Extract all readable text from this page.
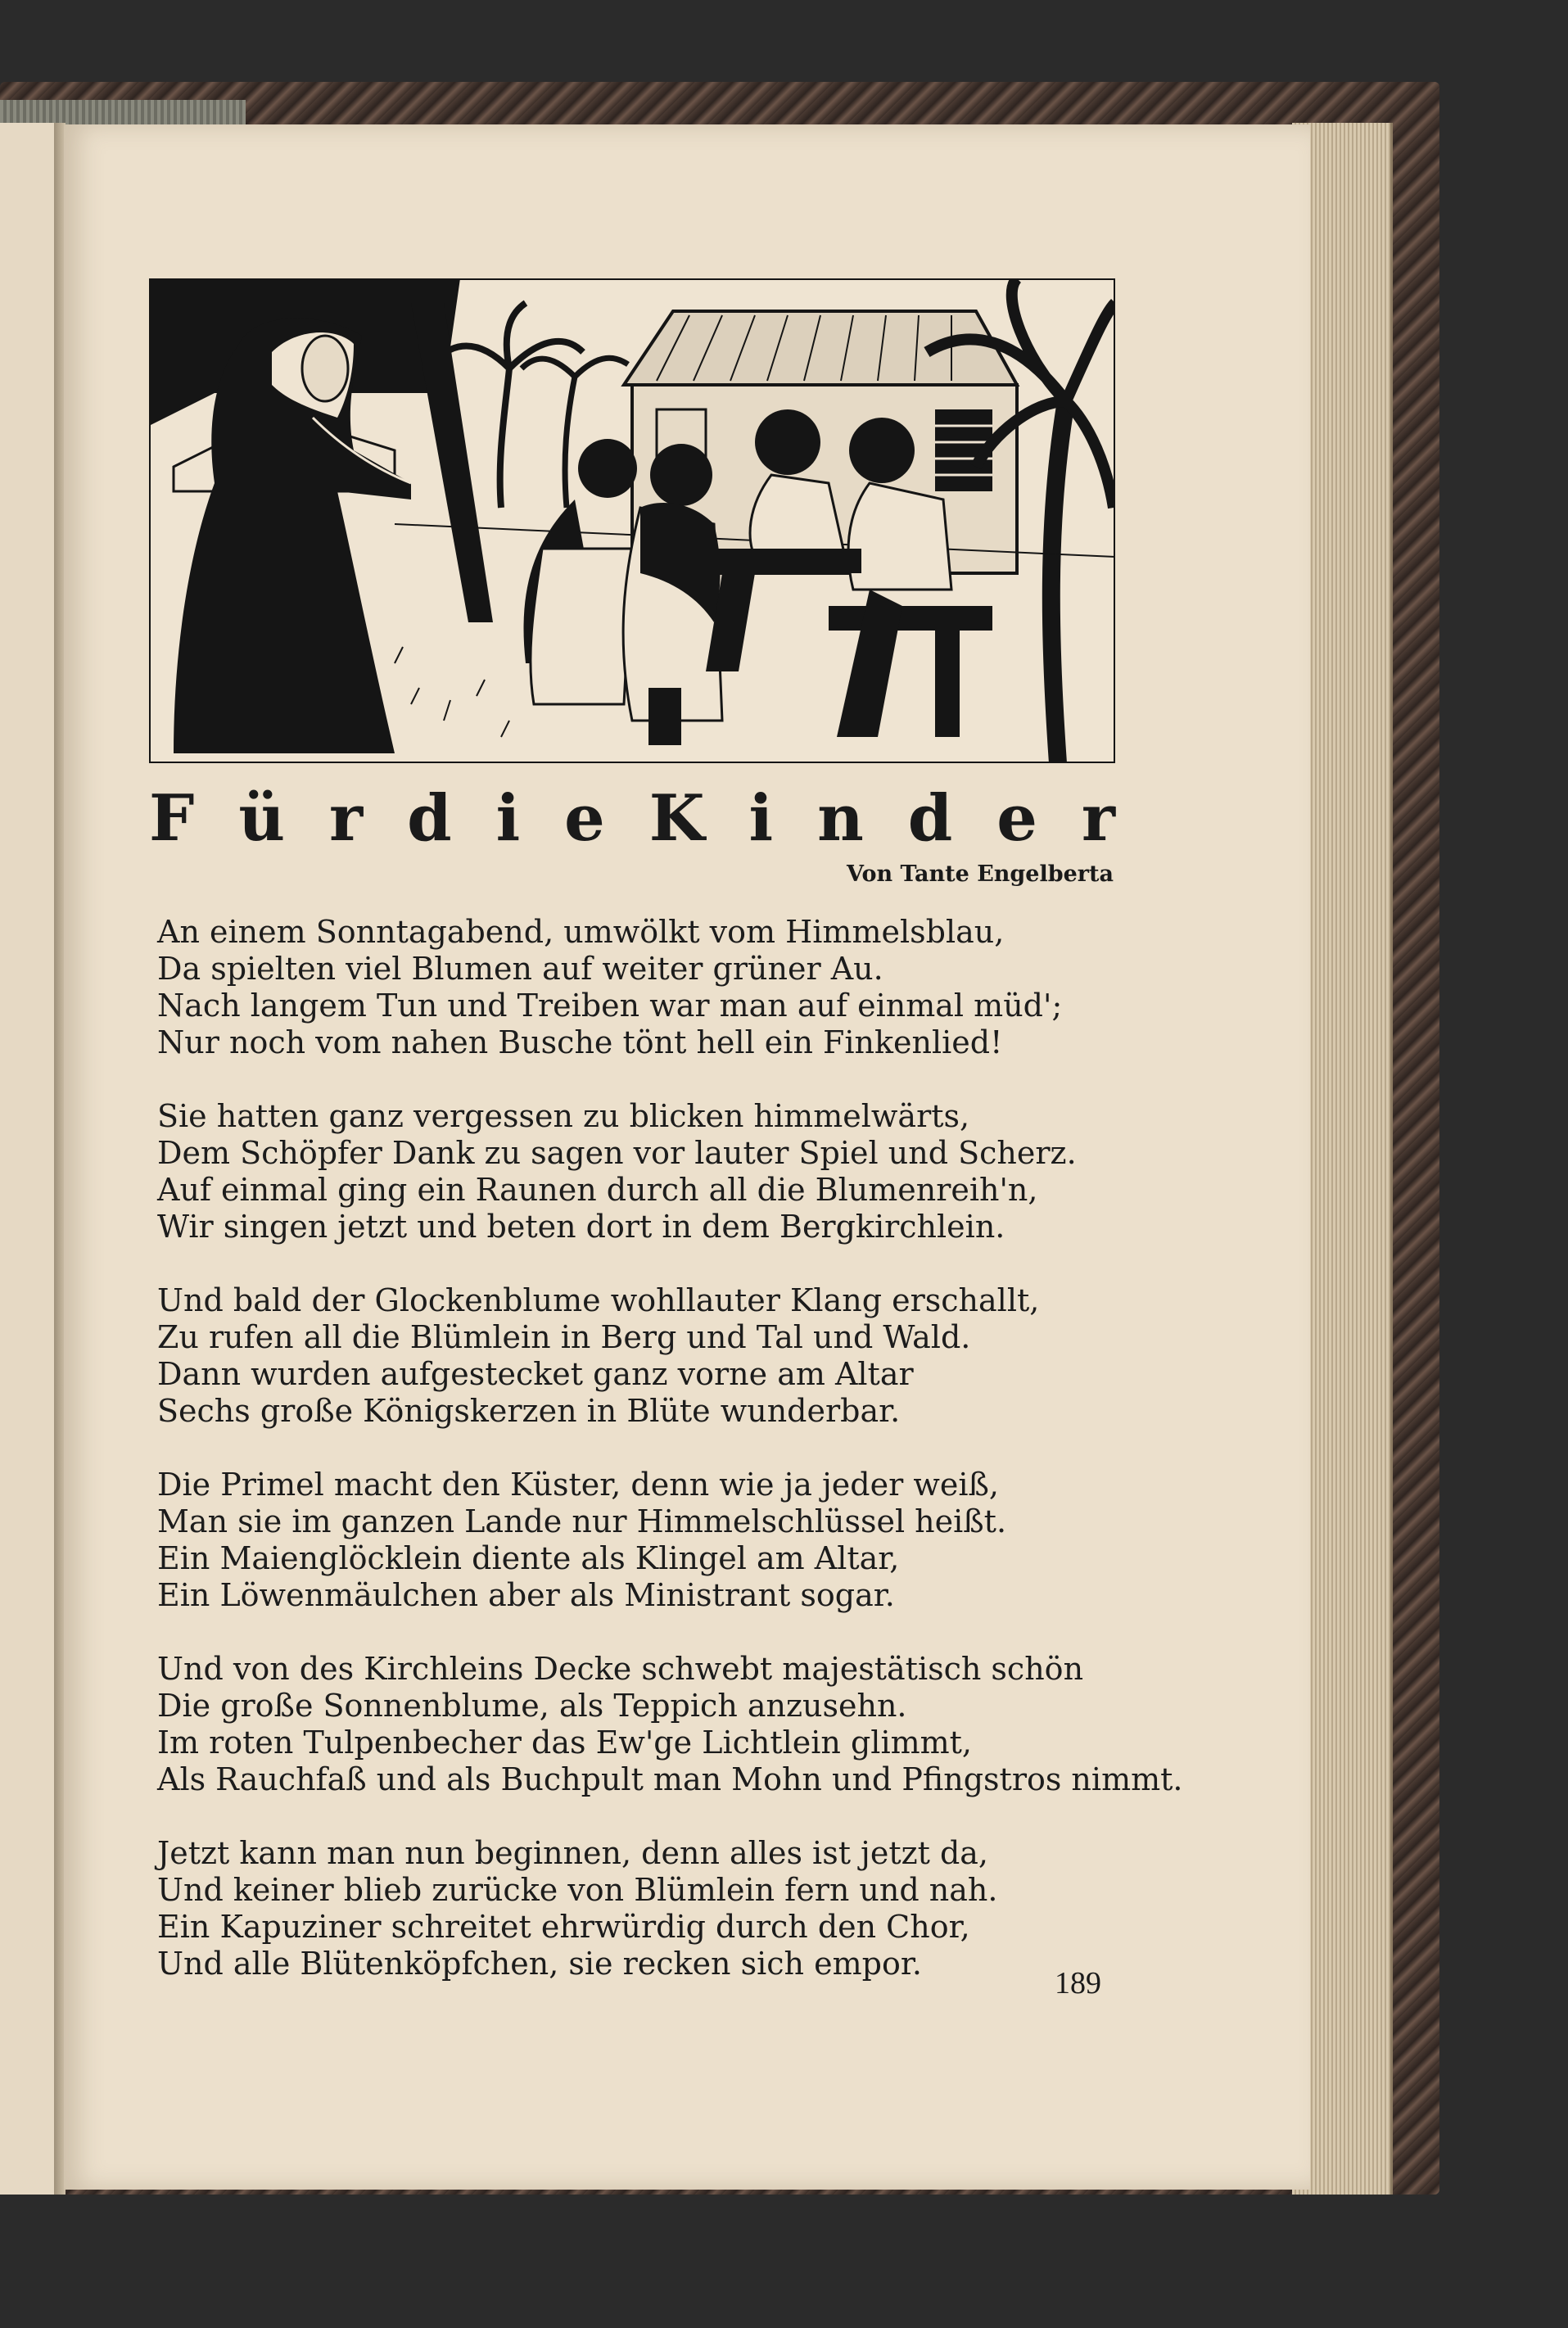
F ü r d i e K i n d e r
Von Tante Engelberta
An einem Sonntagabend, umwölkt vom Himmelsblau,
Da spielten viel Blumen auf weiter grüner Au.
Nach langem Tun und Treiben war man auf einmal müd';
Nur noch vom nahen Busche tönt hell ein Finkenlied!
Sie hatten ganz vergessen zu blicken himmelwärts,
Dem Schöpfer Dank zu sagen vor lauter Spiel und Scherz.
Auf einmal ging ein Raunen durch all die Blumenreih'n,
Wir singen jetzt und beten dort in dem Bergkirchlein.
Und bald der Glockenblume wohllauter Klang erschallt,
Zu rufen all die Blümlein in Berg und Tal und Wald.
Dann wurden aufgestecket ganz vorne am Altar
Sechs große Königskerzen in Blüte wunderbar.
Die Primel macht den Küster, denn wie ja jeder weiß,
Man sie im ganzen Lande nur Himmelschlüssel heißt.
Ein Maienglöcklein diente als Klingel am Altar,
Ein Löwenmäulchen aber als Ministrant sogar.
Und von des Kirchleins Decke schwebt majestätisch schön
Die große Sonnenblume, als Teppich anzusehn.
Im roten Tulpenbecher das Ew'ge Lichtlein glimmt,
Als Rauchfaß und als Buchpult man Mohn und Pfingstros nimmt.
Jetzt kann man nun beginnen, denn alles ist jetzt da,
Und keiner blieb zurücke von Blümlein fern und nah.
Ein Kapuziner schreitet ehrwürdig durch den Chor,
Und alle Blütenköpfchen, sie recken sich empor.
189
